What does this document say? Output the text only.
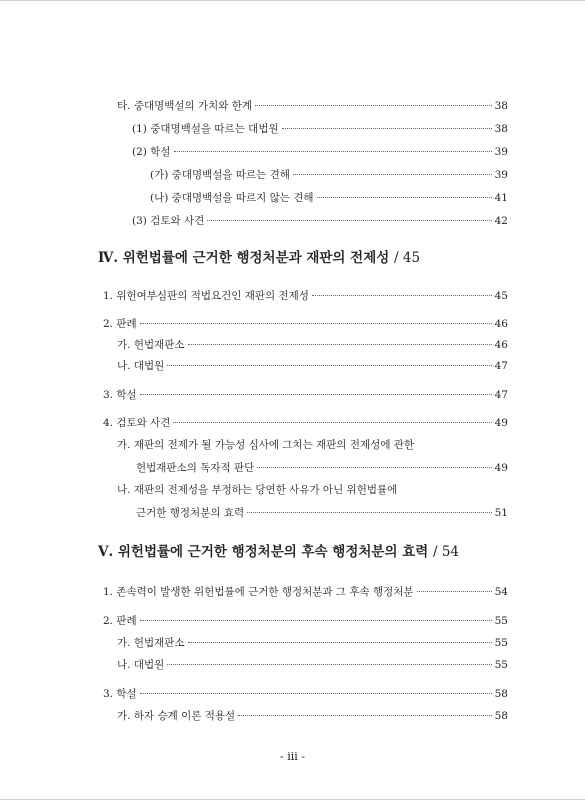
타. 중대명백설의 가치와 한계	38
(1) 중대명백설을 따르는 대법원	38
(2) 학설	39
(가) 중대명백설을 따르는 견해	39
(나) 중대명백설을 따르지 않는 견해	41
(3) 검토와 사견	42
Ⅳ. 위헌법률에 근거한 행정처분과 재판의 전제성 / 45
1. 위헌여부심판의 적법요건인 재판의 전제성	45
2. 판례	46
가. 헌법재판소	46
나. 대법원	47
3. 학설	47
4. 검토와 사견	49
가. 재판의 전제가 될 가능성 심사에 그치는 재판의 전제성에 관한
헌법재판소의 독자적 판단	49
나. 재판의 전제성을 부정하는 당연한 사유가 아닌 위헌법률에
근거한 행정처분의 효력	51
Ⅴ. 위헌법률에 근거한 행정처분의 후속 행정처분의 효력 / 54
1. 존속력이 발생한 위헌법률에 근거한 행정처분과 그 후속 행정처분	54
2. 판례	55
가. 헌법재판소	55
나. 대법원	55
3. 학설	58
가. 하자 승계 이론 적용설	58
- iii -
